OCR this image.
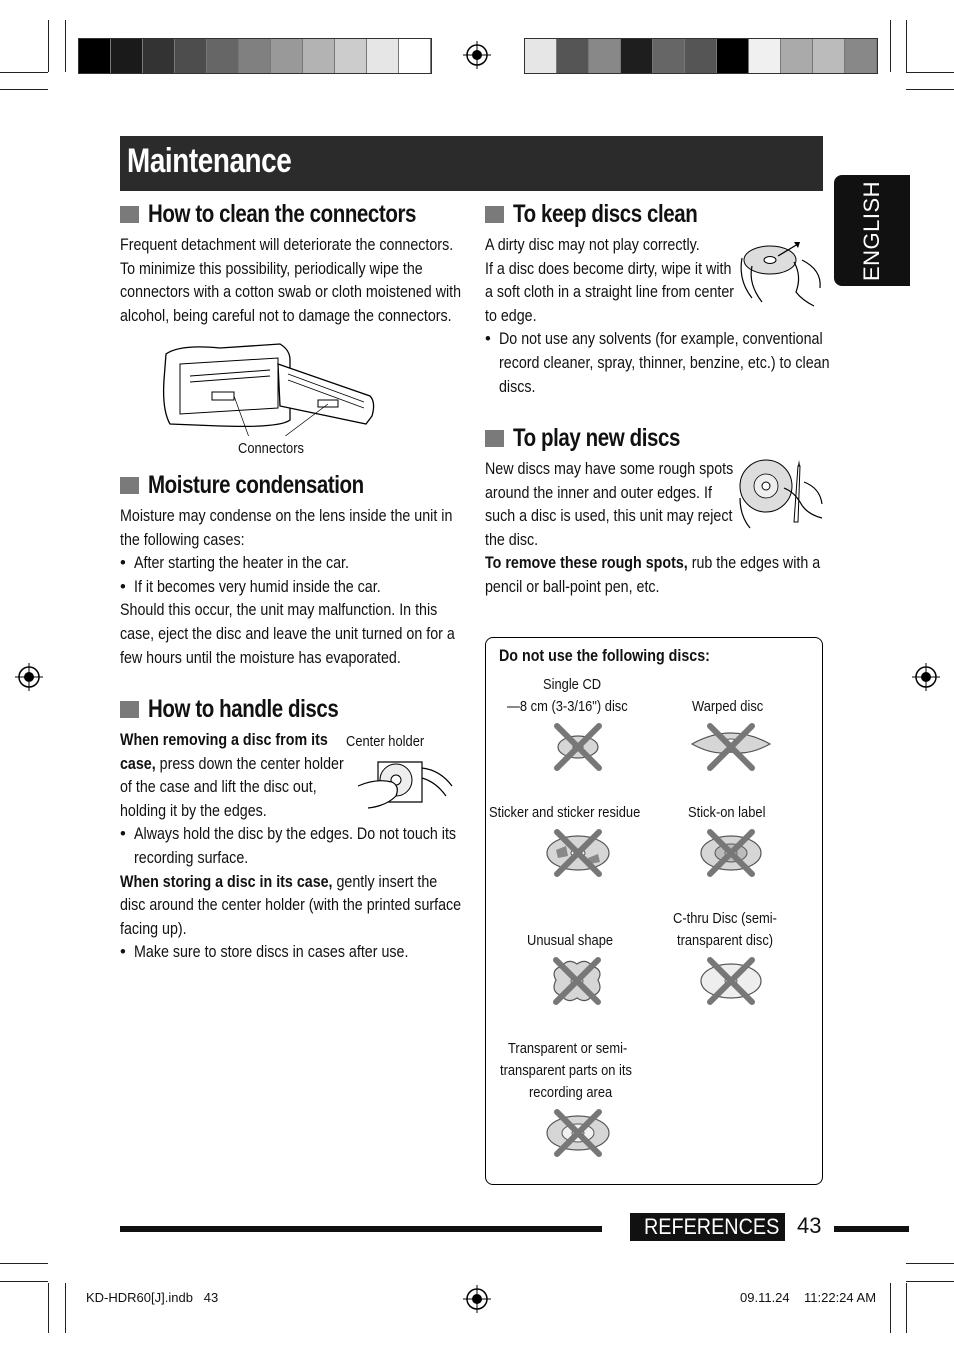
Maintenance
ENGLISH
How to clean the connectors
Frequent detachment will deteriorate the connectors.
To minimize this possibility, periodically wipe the
connectors with a cotton swab or cloth moistened with
alcohol, being careful not to damage the connectors.
Connectors
Moisture condensation
Moisture may condense on the lens inside the unit in
the following cases:
• After starting the heater in the car.
• If it becomes very humid inside the car.
Should this occur, the unit may malfunction. In this
case, eject the disc and leave the unit turned on for a
few hours until the moisture has evaporated.
How to handle discs
Center holder
When removing a disc from its
case, press down the center holder
of the case and lift the disc out,
holding it by the edges.
• Always hold the disc by the edges. Do not touch its
recording surface.
When storing a disc in its case, gently insert the
disc around the center holder (with the printed surface
facing up).
• Make sure to store discs in cases after use.
To keep discs clean
A dirty disc may not play correctly.
If a disc does become dirty, wipe it with
a soft cloth in a straight line from center
to edge.
• Do not use any solvents (for example, conventional
record cleaner, spray, thinner, benzine, etc.) to clean
discs.
To play new discs
New discs may have some rough spots
around the inner and outer edges. If
such a disc is used, this unit may reject
the disc.
To remove these rough spots, rub the edges with a
pencil or ball-point pen, etc.
Do not use the following discs:
Single CD
—8 cm (3-3/16") disc	Warped disc
Sticker and sticker residue	Stick-on label
Unusual shape
C-thru Disc (semi-
transparent disc)
Transparent or semi-
transparent parts on its
recording area
REFERENCES 43
KD-HDR60[J].indb   43	09.11.24 11:22:24 AM
